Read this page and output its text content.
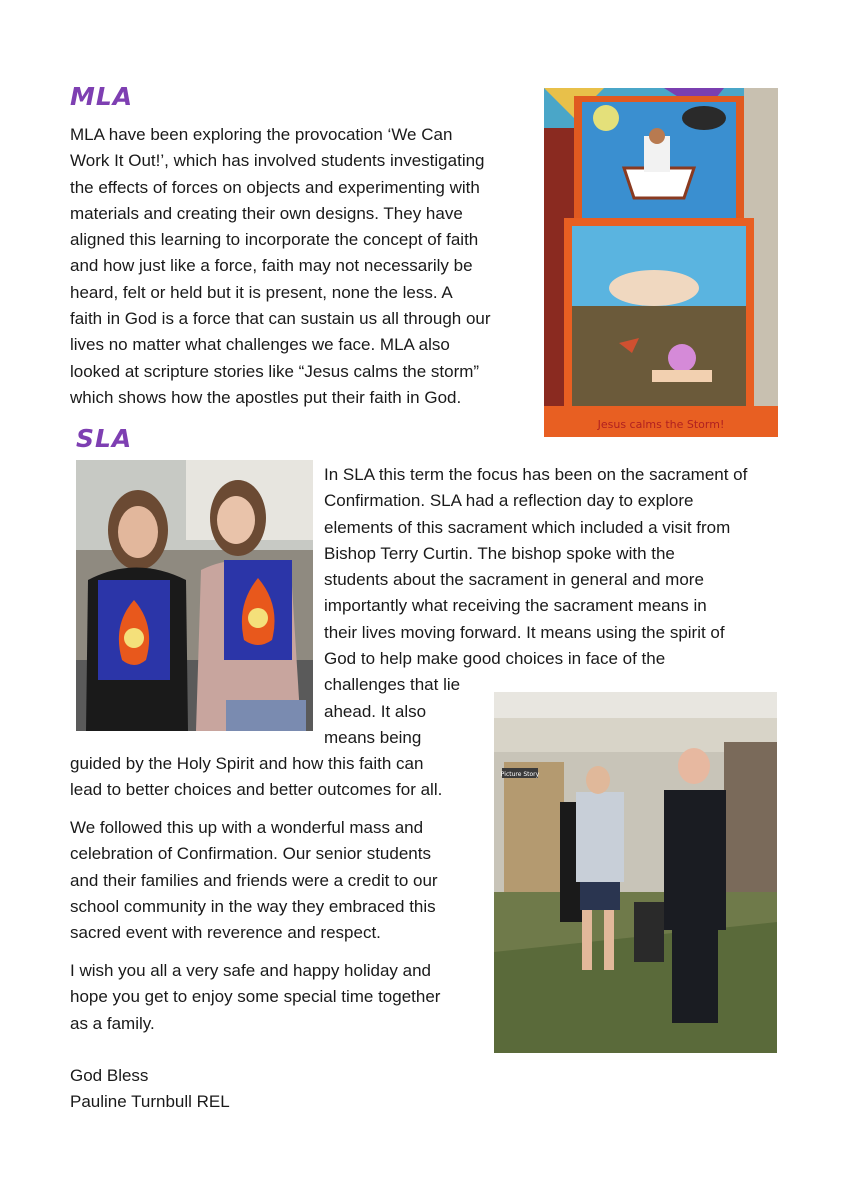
MLA
MLA have been exploring the provocation ‘We Can
Work It Out!’, which has involved students investigating
the effects of forces on objects and experimenting with
materials and creating their own designs. They have
aligned this learning to incorporate the concept of faith
and how just like a force, faith may not necessarily be
heard, felt or held but it is present, none the less. A
faith in God is a force that can sustain us all through our
lives no matter what challenges we face. MLA also
looked at scripture stories like “Jesus calms the storm”
which shows how the apostles put their faith in God.
Jesus calms the Storm!
SLA
In SLA this term the focus has been on the sacrament of
Confirmation. SLA had a reflection day to explore
elements of this sacrament which included a visit from
Bishop Terry Curtin. The bishop spoke with the
students about the sacrament in general and more
importantly what receiving the sacrament means in
their lives moving forward. It means using the spirit of
God to help make good choices in face of the
challenges that lie
ahead. It also
means being
Picture Story
guided by the Holy Spirit and how this faith can
lead to better choices and better outcomes for all.
We followed this up with a wonderful mass and
celebration of Confirmation. Our senior students
and their families and friends were a credit to our
school community in the way they embraced this
sacred event with reverence and respect.
I wish you all a very safe and happy holiday and
hope you get to enjoy some special time together
as a family.
God Bless
Pauline Turnbull REL
